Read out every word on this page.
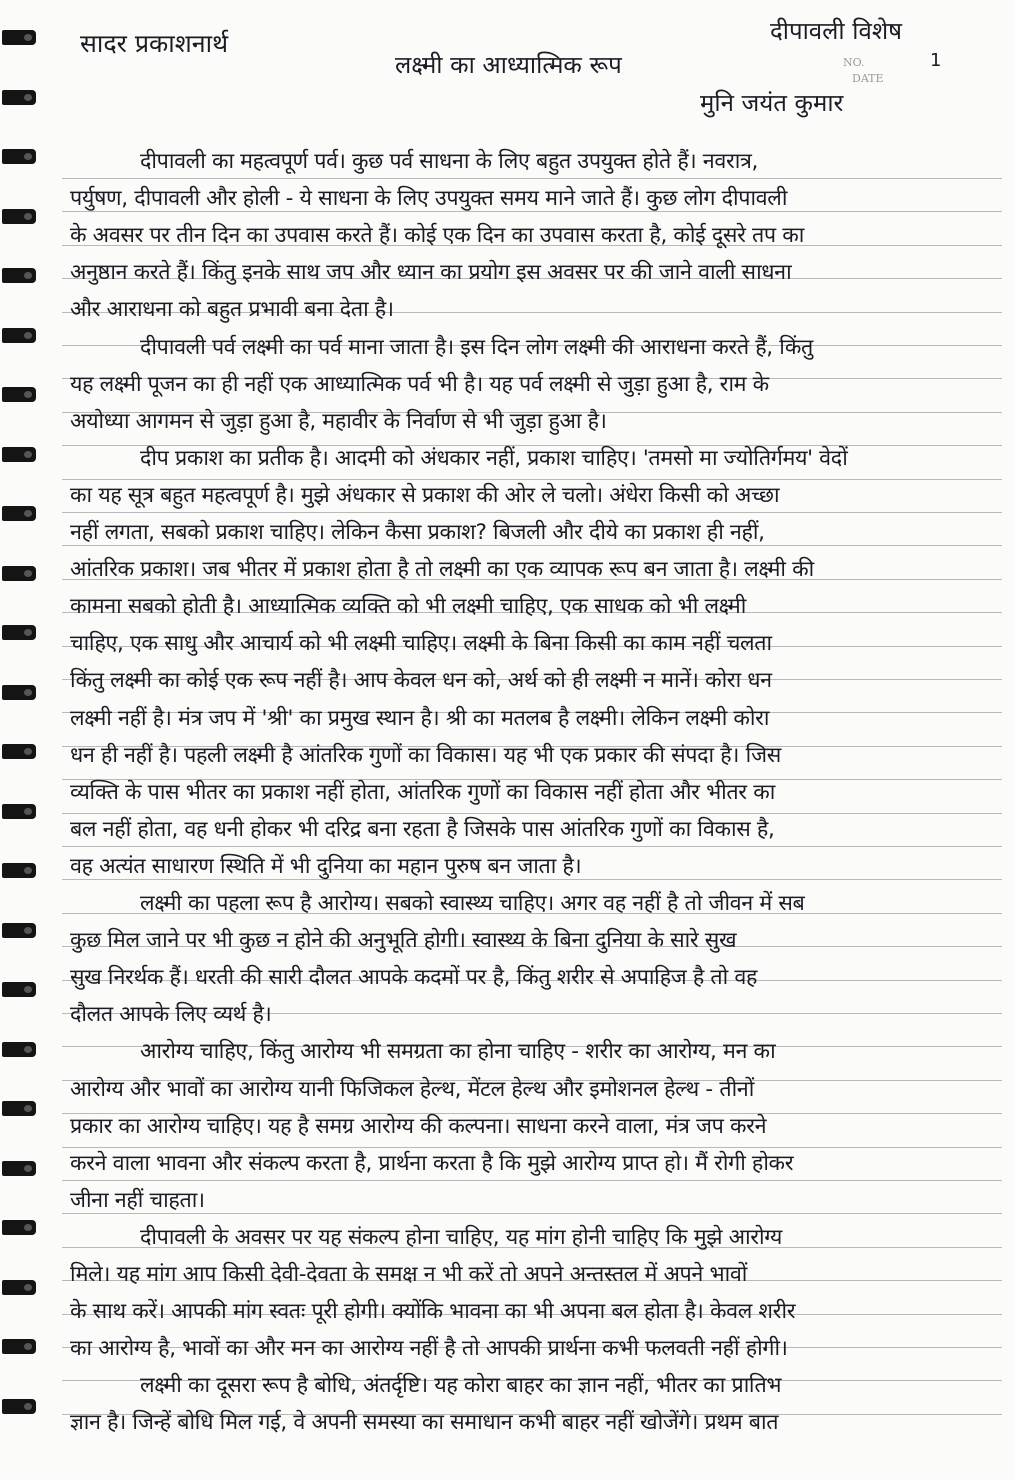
सादर प्रकाशनार्थ	दीपावली विशेष
1
NO.
DATE
लक्ष्मी का आध्यात्मिक रूप
मुनि जयंत कुमार
दीपावली का महत्वपूर्ण पर्व। कुछ पर्व साधना के लिए बहुत उपयुक्त होते हैं। नवरात्र,
पर्युषण, दीपावली और होली - ये साधना के लिए उपयुक्त समय माने जाते हैं। कुछ लोग दीपावली
के अवसर पर तीन दिन का उपवास करते हैं। कोई एक दिन का उपवास करता है, कोई दूसरे तप का
अनुष्ठान करते हैं। किंतु इनके साथ जप और ध्यान का प्रयोग इस अवसर पर की जाने वाली साधना
और आराधना को बहुत प्रभावी बना देता है।
दीपावली पर्व लक्ष्मी का पर्व माना जाता है। इस दिन लोग लक्ष्मी की आराधना करते हैं, किंतु
यह लक्ष्मी पूजन का ही नहीं एक आध्यात्मिक पर्व भी है। यह पर्व लक्ष्मी से जुड़ा हुआ है, राम के
अयोध्या आगमन से जुड़ा हुआ है, महावीर के निर्वाण से भी जुड़ा हुआ है।
दीप प्रकाश का प्रतीक है। आदमी को अंधकार नहीं, प्रकाश चाहिए। 'तमसो मा ज्योतिर्गमय' वेदों
का यह सूत्र बहुत महत्वपूर्ण है। मुझे अंधकार से प्रकाश की ओर ले चलो। अंधेरा किसी को अच्छा
नहीं लगता, सबको प्रकाश चाहिए। लेकिन कैसा प्रकाश? बिजली और दीये का प्रकाश ही नहीं,
आंतरिक प्रकाश। जब भीतर में प्रकाश होता है तो लक्ष्मी का एक व्यापक रूप बन जाता है। लक्ष्मी की
कामना सबको होती है। आध्यात्मिक व्यक्ति को भी लक्ष्मी चाहिए, एक साधक को भी लक्ष्मी
चाहिए, एक साधु और आचार्य को भी लक्ष्मी चाहिए। लक्ष्मी के बिना किसी का काम नहीं चलता
किंतु लक्ष्मी का कोई एक रूप नहीं है। आप केवल धन को, अर्थ को ही लक्ष्मी न मानें। कोरा धन
लक्ष्मी नहीं है। मंत्र जप में 'श्री' का प्रमुख स्थान है। श्री का मतलब है लक्ष्मी। लेकिन लक्ष्मी कोरा
धन ही नहीं है। पहली लक्ष्मी है आंतरिक गुणों का विकास। यह भी एक प्रकार की संपदा है। जिस
व्यक्ति के पास भीतर का प्रकाश नहीं होता, आंतरिक गुणों का विकास नहीं होता और भीतर का
बल नहीं होता, वह धनी होकर भी दरिद्र बना रहता है जिसके पास आंतरिक गुणों का विकास है,
वह अत्यंत साधारण स्थिति में भी दुनिया का महान पुरुष बन जाता है।
लक्ष्मी का पहला रूप है आरोग्य। सबको स्वास्थ्य चाहिए। अगर वह नहीं है तो जीवन में सब
कुछ मिल जाने पर भी कुछ न होने की अनुभूति होगी। स्वास्थ्य के बिना दुनिया के सारे सुख
सुख निरर्थक हैं। धरती की सारी दौलत आपके कदमों पर है, किंतु शरीर से अपाहिज है तो वह
दौलत आपके लिए व्यर्थ है।
आरोग्य चाहिए, किंतु आरोग्य भी समग्रता का होना चाहिए - शरीर का आरोग्य, मन का
आरोग्य और भावों का आरोग्य यानी फिजिकल हेल्थ, मेंटल हेल्थ और इमोशनल हेल्थ - तीनों
प्रकार का आरोग्य चाहिए। यह है समग्र आरोग्य की कल्पना। साधना करने वाला, मंत्र जप करने
करने वाला भावना और संकल्प करता है, प्रार्थना करता है कि मुझे आरोग्य प्राप्त हो। मैं रोगी होकर
जीना नहीं चाहता।
दीपावली के अवसर पर यह संकल्प होना चाहिए, यह मांग होनी चाहिए कि मुझे आरोग्य
मिले। यह मांग आप किसी देवी-देवता के समक्ष न भी करें तो अपने अन्तस्तल में अपने भावों
के साथ करें। आपकी मांग स्वतः पूरी होगी। क्योंकि भावना का भी अपना बल होता है। केवल शरीर
का आरोग्य है, भावों का और मन का आरोग्य नहीं है तो आपकी प्रार्थना कभी फलवती नहीं होगी।
लक्ष्मी का दूसरा रूप है बोधि, अंतर्दृष्टि। यह कोरा बाहर का ज्ञान नहीं, भीतर का प्रातिभ
ज्ञान है। जिन्हें बोधि मिल गई, वे अपनी समस्या का समाधान कभी बाहर नहीं खोजेंगे। प्रथम बात
